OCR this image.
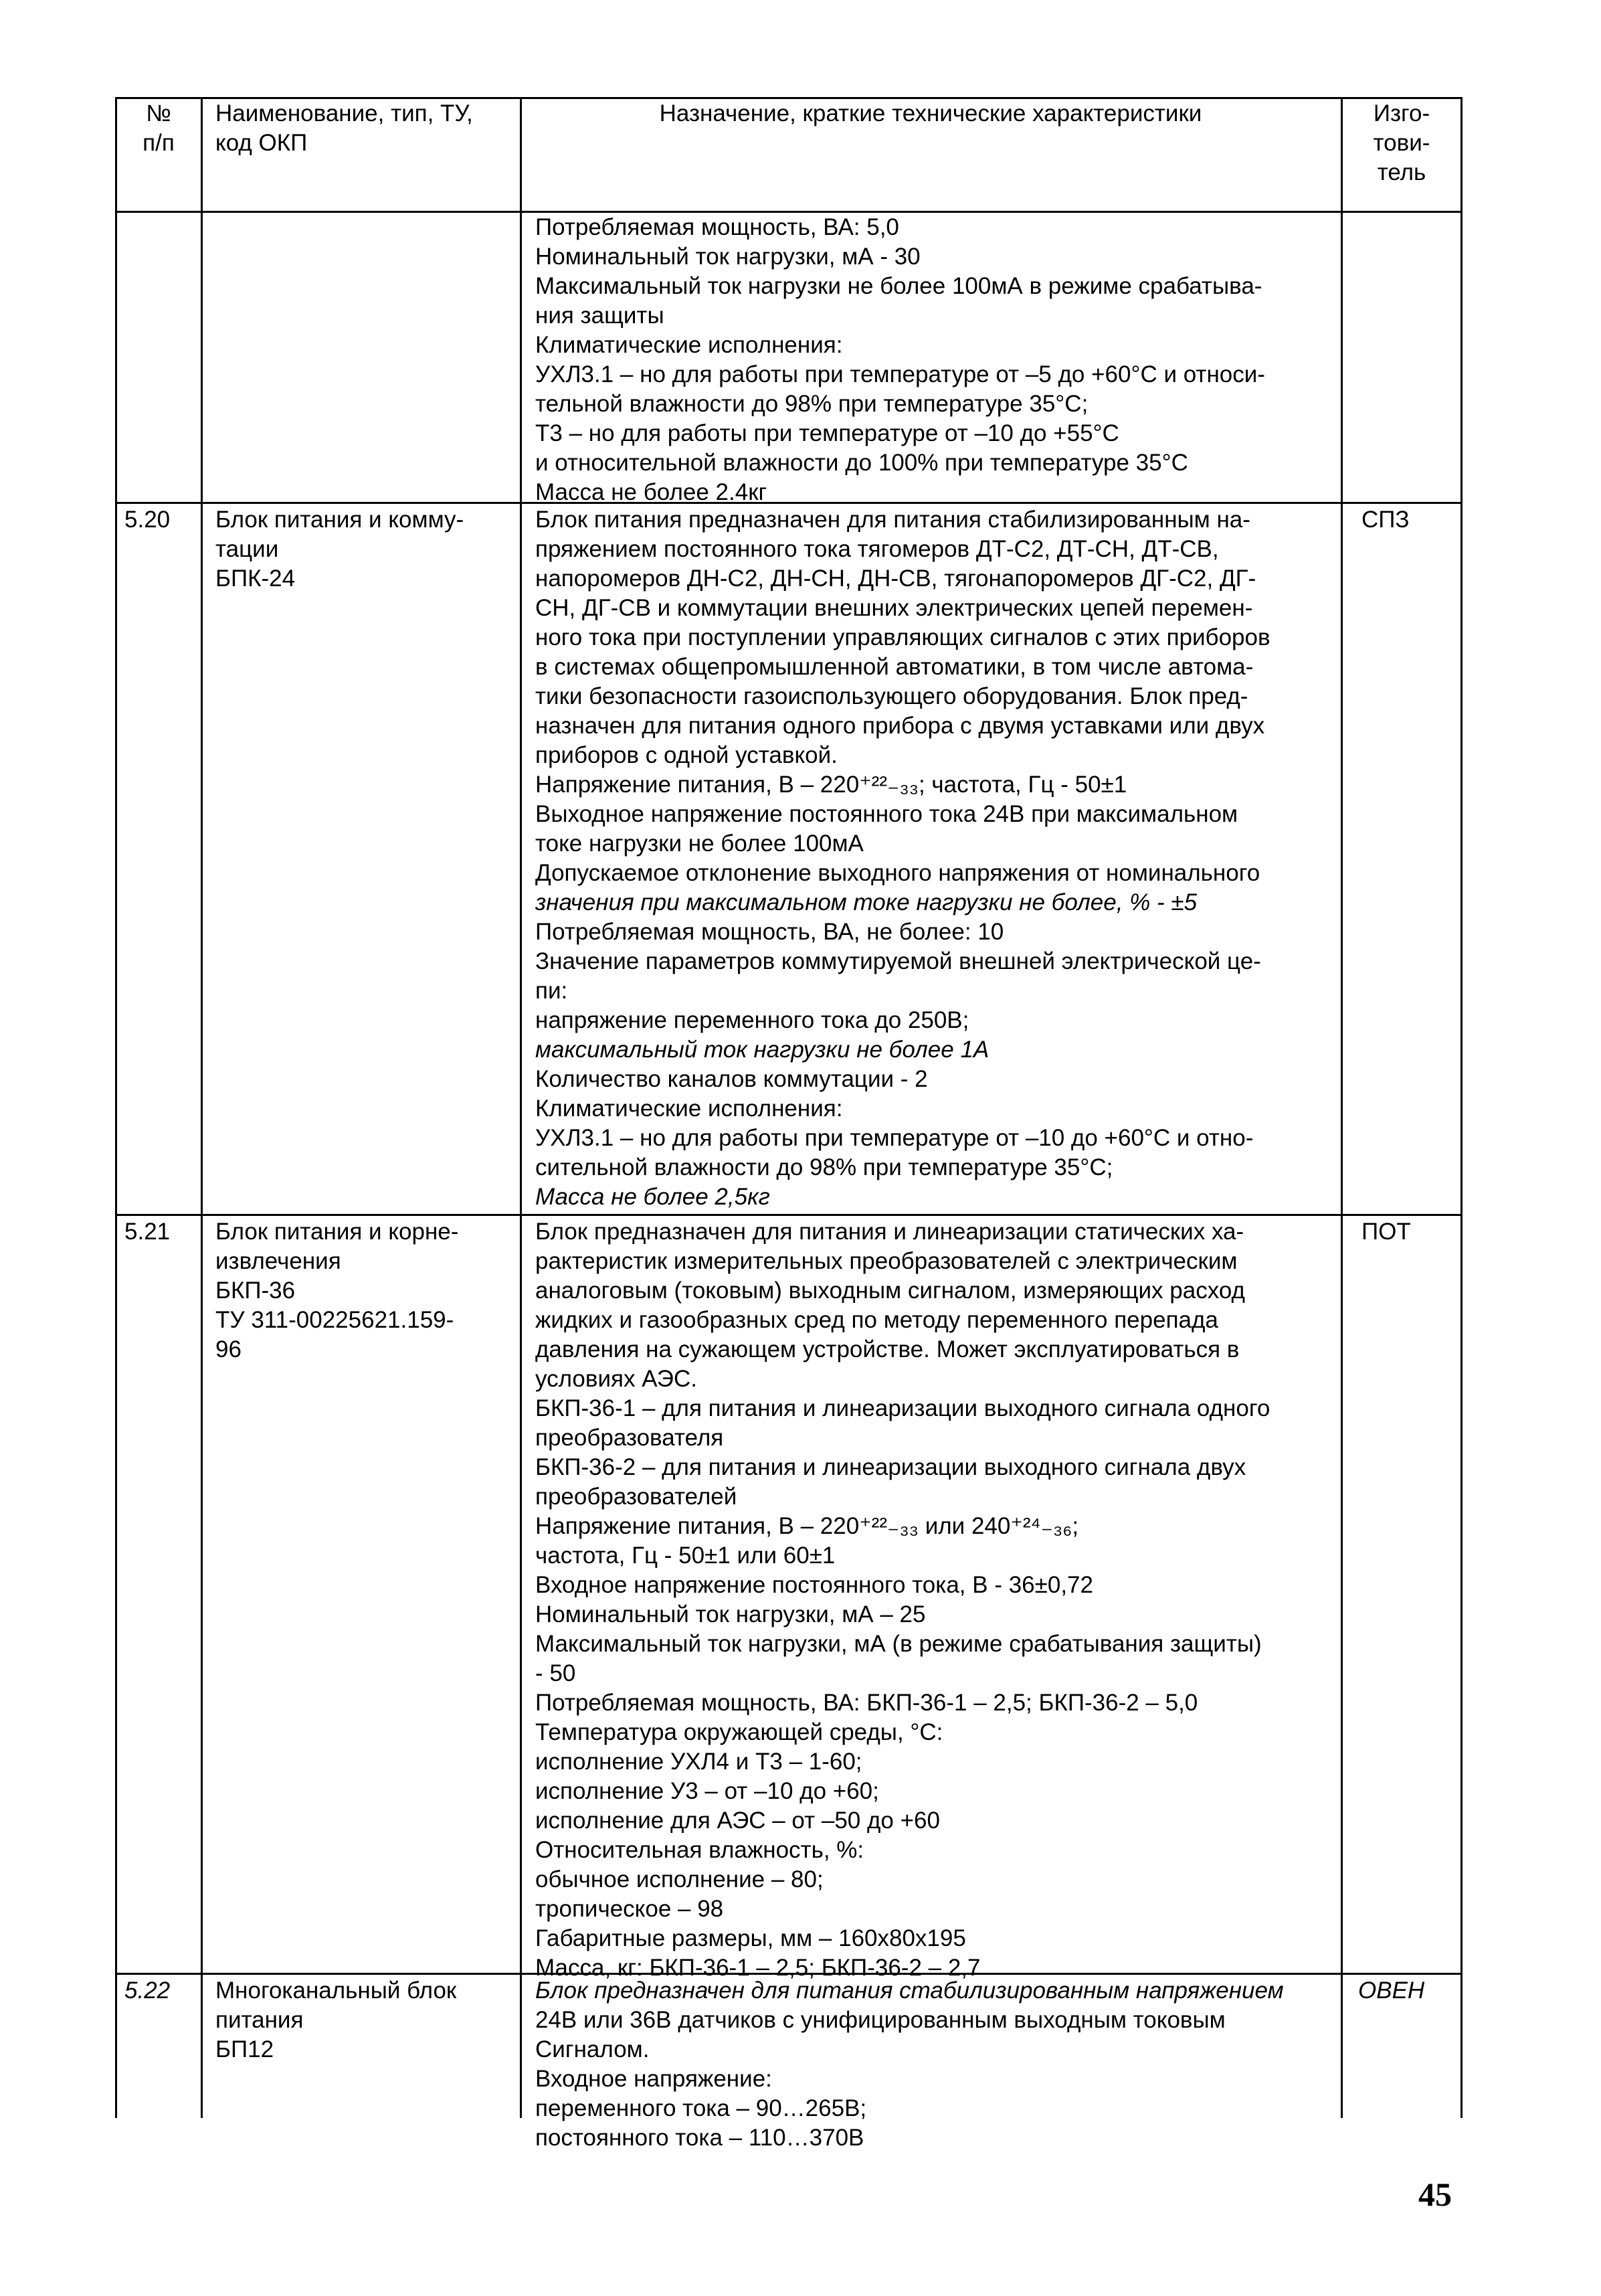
№
п/п
Наименование, тип, ТУ,
код ОКП
Назначение, краткие технические характеристики	Изго-
тови-
тель
Потребляемая мощность, ВА: 5,0
Номинальный ток нагрузки, мА - 30
Максимальный ток нагрузки не более 100мА в режиме срабатыва-
ния защиты
Климатические исполнения:
УХЛ3.1 – но для работы при температуре от –5 до +60°С и относи-
тельной влажности до 98% при температуре 35°С;
Т3 – но для работы при температуре от –10 до +55°С
и относительной влажности до 100% при температуре 35°С
Масса не более 2.4кг
5.20 Блок питания и комму-
тации
БПК-24
Блок питания предназначен для питания стабилизированным на-
пряжением постоянного тока тягомеров ДТ-С2, ДТ-СН, ДТ-СВ,
напоромеров ДН-С2, ДН-СН, ДН-СВ, тягонапоромеров ДГ-С2, ДГ-
СН, ДГ-СВ и коммутации внешних электрических цепей перемен-
ного тока при поступлении управляющих сигналов с этих приборов
в системах общепромышленной автоматики, в том числе автома-
тики безопасности газоиспользующего оборудования. Блок пред-
назначен для питания одного прибора с двумя уставками или двух
приборов с одной уставкой.
Напряжение питания, В – 220⁺²²₋₃₃; частота, Гц - 50±1
Выходное напряжение постоянного тока 24В при максимальном
токе нагрузки не более 100мА
Допускаемое отклонение выходного напряжения от номинального
значения при максимальном токе нагрузки не более, % - ±5
Потребляемая мощность, ВА, не более: 10
Значение параметров коммутируемой внешней электрической це-
пи:
напряжение переменного тока до 250В;
максимальный ток нагрузки не более 1А
Количество каналов коммутации - 2
Климатические исполнения:
УХЛ3.1 – но для работы при температуре от –10 до +60°С и отно-
сительной влажности до 98% при температуре 35°С;
Масса не более 2,5кг
СПЗ
5.21 Блок питания и корне-
извлечения
БКП-36
ТУ 311-00225621.159-
96
Блок предназначен для питания и линеаризации статических ха-
рактеристик измерительных преобразователей с электрическим
аналоговым (токовым) выходным сигналом, измеряющих расход
жидких и газообразных сред по методу переменного перепада
давления на сужающем устройстве. Может эксплуатироваться в
условиях АЭС.
БКП-36-1 – для питания и линеаризации выходного сигнала одного
преобразователя
БКП-36-2 – для питания и линеаризации выходного сигнала двух
преобразователей
Напряжение питания, В – 220⁺²²₋₃₃ или 240⁺²⁴₋₃₆;
частота, Гц - 50±1 или 60±1
Входное напряжение постоянного тока, В - 36±0,72
Номинальный ток нагрузки, мА – 25
Максимальный ток нагрузки, мА (в режиме срабатывания защиты)
- 50
Потребляемая мощность, ВА: БКП-36-1 – 2,5; БКП-36-2 – 5,0
Температура окружающей среды, °С:
исполнение УХЛ4 и Т3 – 1-60;
исполнение У3 – от –10 до +60;
исполнение для АЭС – от –50 до +60
Относительная влажность, %:
обычное исполнение – 80;
тропическое – 98
Габаритные размеры, мм – 160х80х195
Масса, кг: БКП-36-1 – 2,5; БКП-36-2 – 2,7
ПОТ
5.22 Многоканальный блок
питания
БП12
Блок предназначен для питания стабилизированным напряжением
24В или 36В датчиков с унифицированным выходным токовым
Сигналом.
Входное напряжение:
переменного тока – 90…265В;
постоянного тока – 110…370В
ОВЕН
45
